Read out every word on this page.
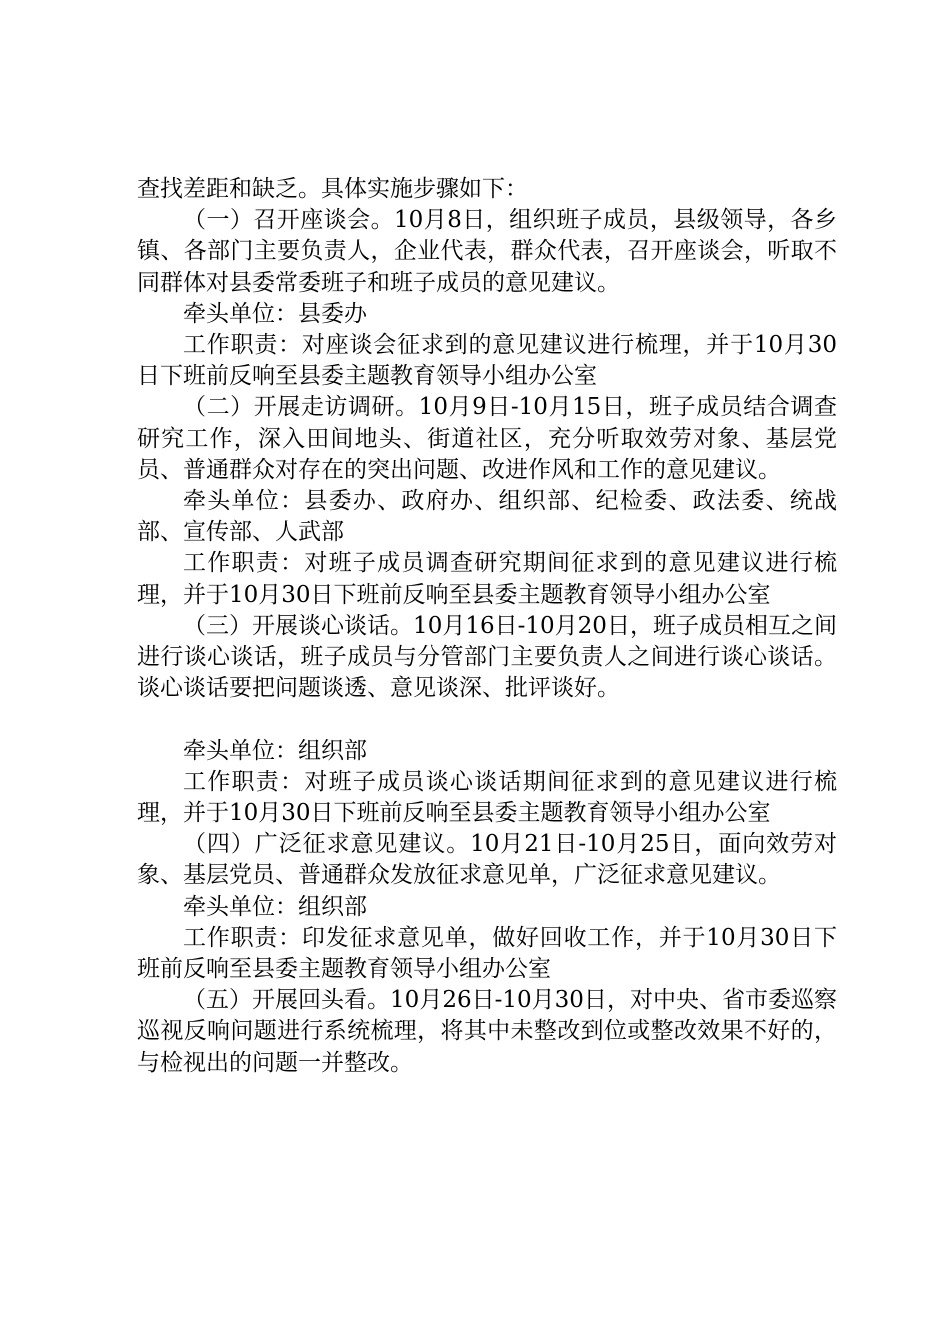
查找差距和缺乏。具体实施步骤如下：

（一）召开座谈会。10月8日，组织班子成员，县级领导，各乡镇、各部门主要负责人，企业代表，群众代表，召开座谈会，听取不同群体对县委常委班子和班子成员的意见建议。

牵头单位：县委办

工作职责：对座谈会征求到的意见建议进行梳理，并于10月30日下班前反响至县委主题教育领导小组办公室

（二）开展走访调研。10月9日-10月15日，班子成员结合调查研究工作，深入田间地头、街道社区，充分听取效劳对象、基层党员、普通群众对存在的突出问题、改进作风和工作的意见建议。

牵头单位：县委办、政府办、组织部、纪检委、政法委、统战部、宣传部、人武部

工作职责：对班子成员调查研究期间征求到的意见建议进行梳理，并于10月30日下班前反响至县委主题教育领导小组办公室

（三）开展谈心谈话。10月16日-10月20日，班子成员相互之间进行谈心谈话，班子成员与分管部门主要负责人之间进行谈心谈话。谈心谈话要把问题谈透、意见谈深、批评谈好。

牵头单位：组织部

工作职责：对班子成员谈心谈话期间征求到的意见建议进行梳理，并于10月30日下班前反响至县委主题教育领导小组办公室

（四）广泛征求意见建议。10月21日-10月25日，面向效劳对象、基层党员、普通群众发放征求意见单，广泛征求意见建议。

牵头单位：组织部

工作职责：印发征求意见单，做好回收工作，并于10月30日下班前反响至县委主题教育领导小组办公室

（五）开展回头看。10月26日-10月30日，对中央、省市委巡察巡视反响问题进行系统梳理，将其中未整改到位或整改效果不好的，与检视出的问题一并整改。
